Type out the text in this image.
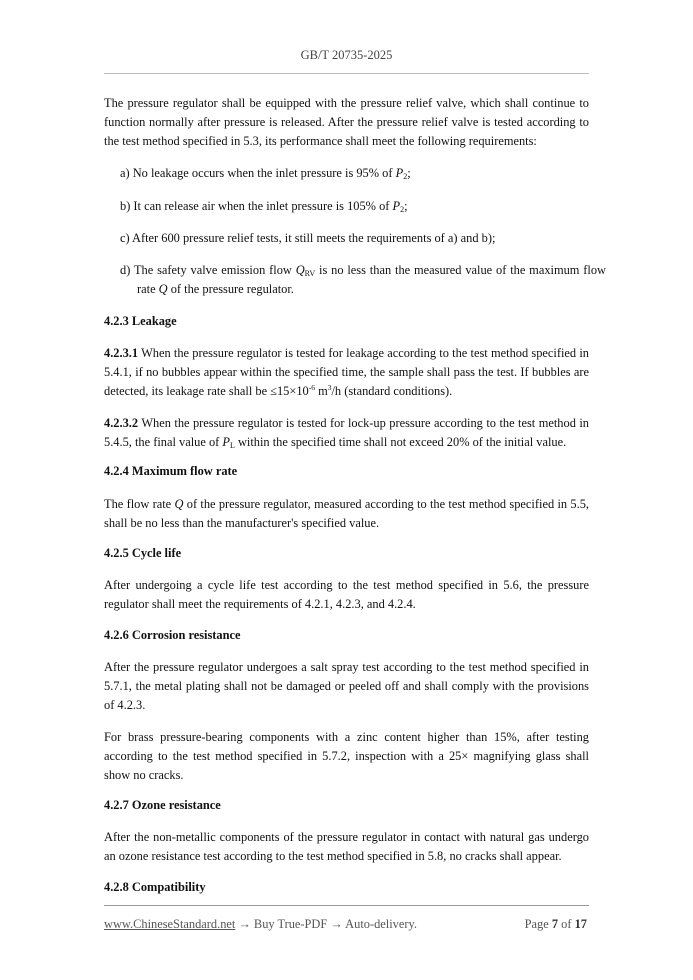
GB/T 20735-2025

The pressure regulator shall be equipped with the pressure relief valve, which shall continue to function normally after pressure is released. After the pressure relief valve is tested according to the test method specified in 5.3, its performance shall meet the following requirements:

a) No leakage occurs when the inlet pressure is 95% of $P_2$;

b) It can release air when the inlet pressure is 105% of $P_2$;

c) After 600 pressure relief tests, it still meets the requirements of a) and b);

d) The safety valve emission flow $Q_{RV}$ is no less than the measured value of the maximum flow rate Q of the pressure regulator.

4.2.3 Leakage

4.2.3.1 When the pressure regulator is tested for leakage according to the test method specified in 5.4.1, if no bubbles appear within the specified time, the sample shall pass the test. If bubbles are detected, its leakage rate shall be $\le 15\times 10^{-6}$ $m^3/h$ (standard conditions).

4.2.3.2 When the pressure regulator is tested for lock-up pressure according to the test method in 5.4.5, the final value of $P_L$ within the specified time shall not exceed 20% of the initial value.

4.2.4 Maximum flow rate

The flow rate Q of the pressure regulator, measured according to the test method specified in 5.5, shall be no less than the manufacturer's specified value.

4.2.5 Cycle life

After undergoing a cycle life test according to the test method specified in 5.6, the pressure regulator shall meet the requirements of 4.2.1, 4.2.3, and 4.2.4.

4.2.6 Corrosion resistance

After the pressure regulator undergoes a salt spray test according to the test method specified in 5.7.1, the metal plating shall not be damaged or peeled off and shall comply with the provisions of 4.2.3.

For brass pressure-bearing components with a zinc content higher than 15%, after testing according to the test method specified in 5.7.2, inspection with a 25× magnifying glass shall show no cracks.

4.2.7 Ozone resistance

After the non-metallic components of the pressure regulator in contact with natural gas undergo an ozone resistance test according to the test method specified in 5.8, no cracks shall appear.

4.2.8 Compatibility

www.ChineseStandard.net → Buy True-PDF → Auto-delivery.	Page 7 of 17
